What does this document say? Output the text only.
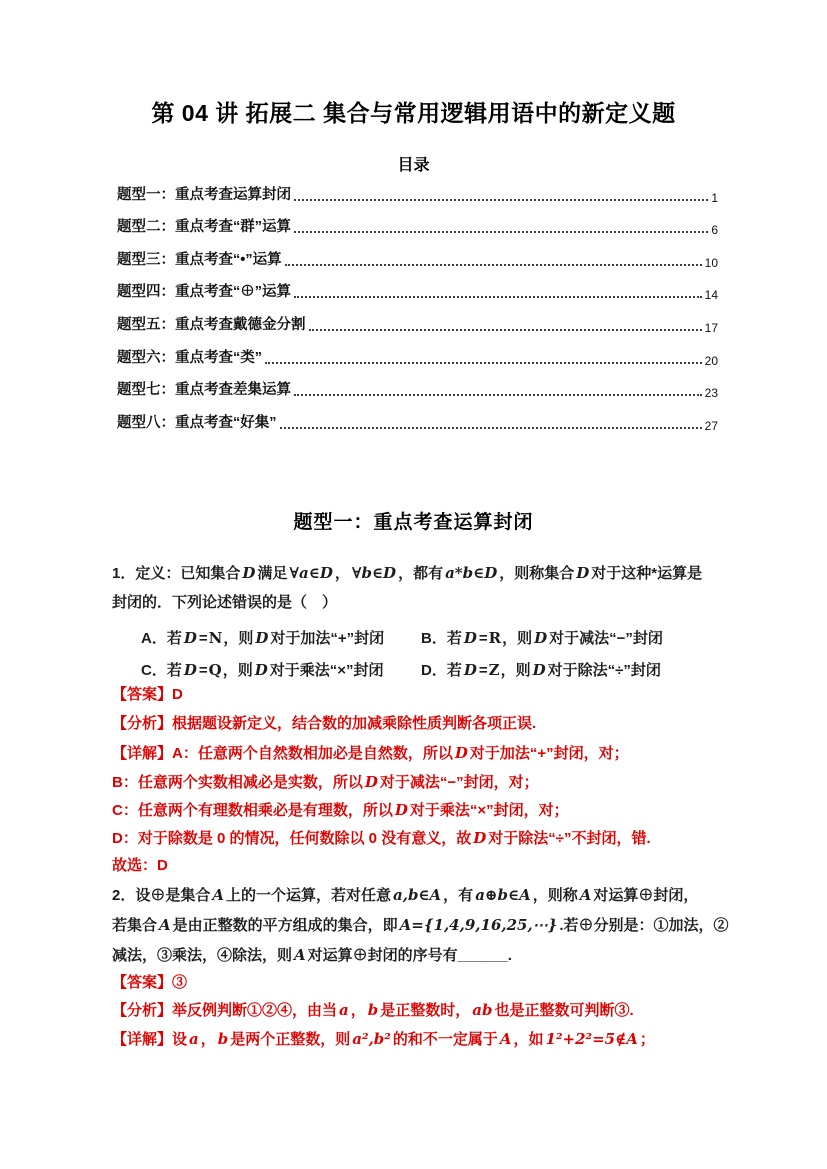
第 04 讲 拓展二 集合与常用逻辑用语中的新定义题
目录
题型一：重点考查运算封闭	1
题型二：重点考查“群”运算	6
题型三：重点考查“•”运算	10
题型四：重点考查“⊕”运算	14
题型五：重点考查戴德金分割	17
题型六：重点考查“类”	20
题型七：重点考查差集运算	23
题型八：重点考查“好集”	27
题型一：重点考查运算封闭
1．定义：已知集合 D 满足 ∀a∈D ， ∀b∈D ，都有 a*b∈D ，则称集合 D 对于这种*运算是
封闭的．下列论述错误的是（　）
A．若 D =N，则 D 对于加法“+”封闭 B．若 D =R，则 D 对于减法“−”封闭
C．若 D =Q，则 D 对于乘法“×”封闭	D．若 D =Z，则 D 对于除法“÷”封闭
【答案】D
【分析】根据题设新定义，结合数的加减乘除性质判断各项正误.
【详解】A：任意两个自然数相加必是自然数，所以 D 对于加法“+”封闭，对；
B：任意两个实数相减必是实数，所以 D 对于减法“−”封闭，对；
C：任意两个有理数相乘必是有理数，所以 D 对于乘法“×”封闭，对；
D：对于除数是 0 的情况，任何数除以 0 没有意义，故 D 对于除法“÷”不封闭，错.
故选：D
2．设⊕是集合 A 上的一个运算，若对任意 a,b∈A ，有 a⊕b∈A ，则称 A 对运算⊕封闭，
若集合 A 是由正整数的平方组成的集合，即 A={1,4,9,16,25,⋯} .若⊕分别是：①加法，②
减法，③乘法，④除法，则 A 对运算⊕封闭的序号有______.
【答案】③
【分析】举反例判断①②④，由当 a ， b 是正整数时， ab 也是正整数可判断③.
【详解】设 a ， b 是两个正整数，则 a²,b² 的和不一定属于 A ，如 1²+2²=5∉A ；
